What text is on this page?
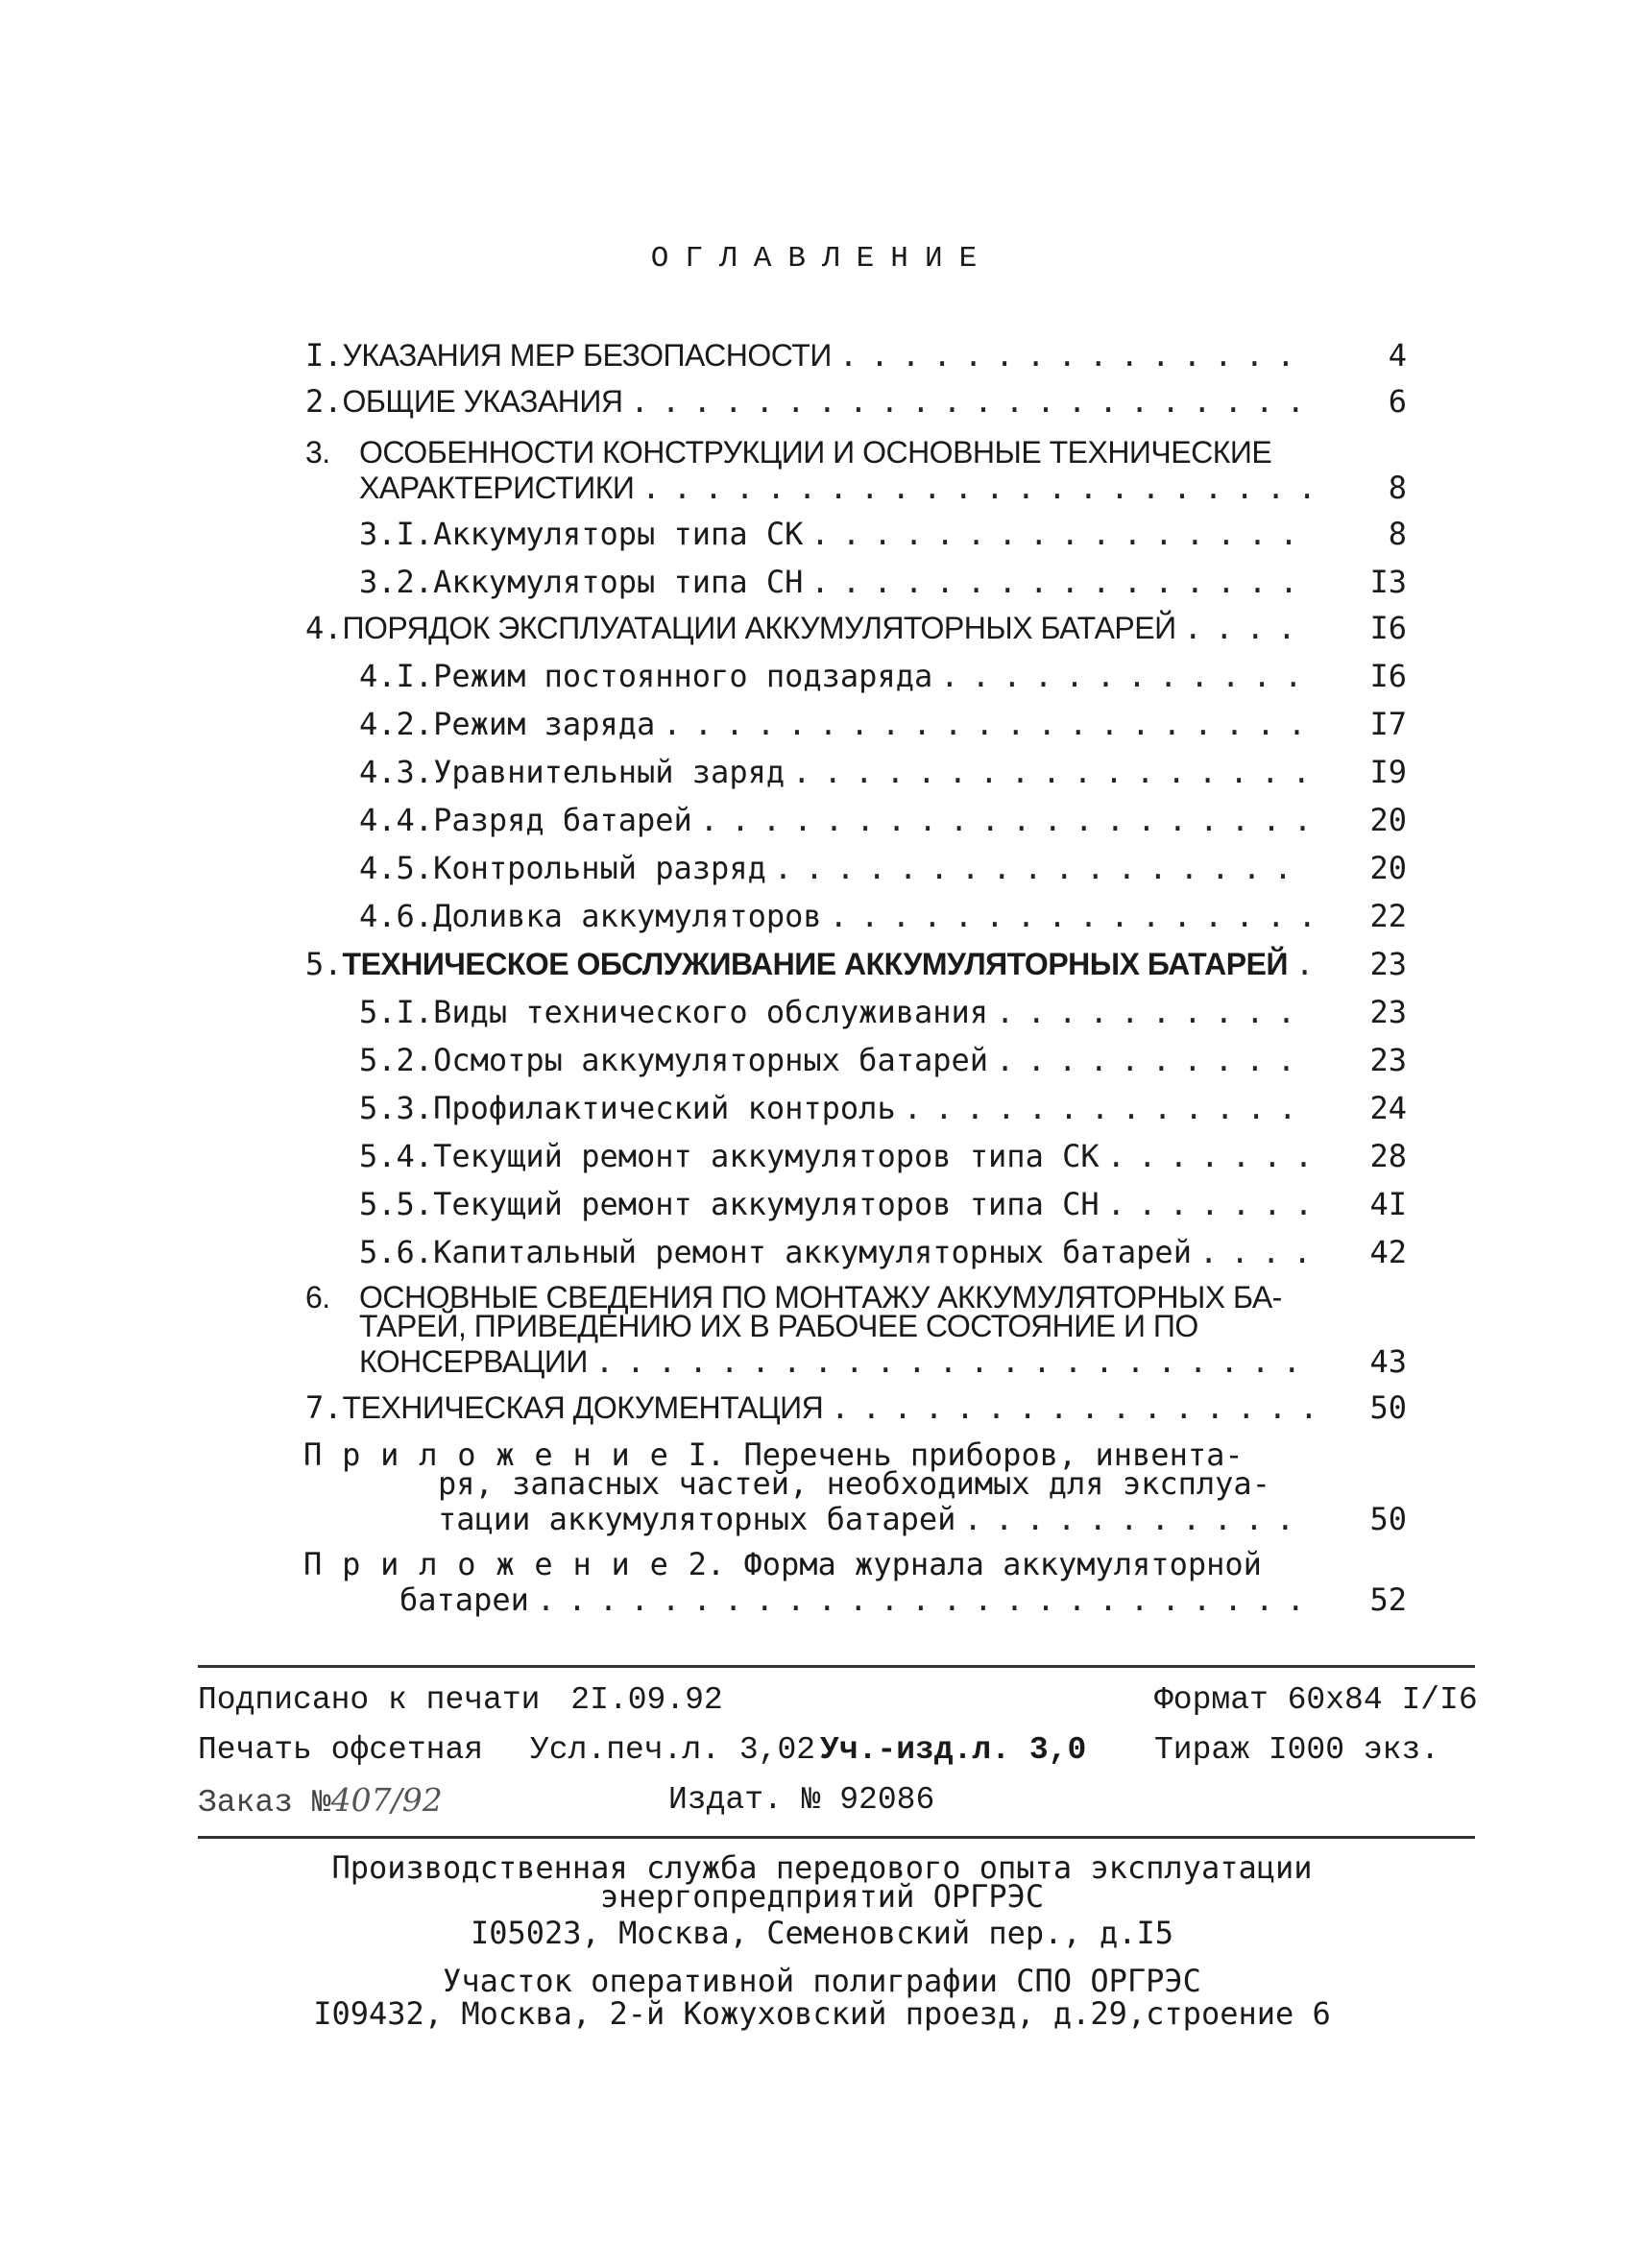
ОГЛАВЛЕНИЕ
I. УКАЗАНИЯ МЕР БЕЗОПАСНОСТИ . . .	4
2. ОБЩИЕ УКАЗАНИЯ . . .	6
3. ОСОБЕННОСТИ КОНСТРУКЦИИ И ОСНОВНЫЕ ТЕХНИЧЕСКИЕ
ХАРАКТЕРИСТИКИ . . .	8
3.I. Аккумуляторы типа СК . . .	8
3.2. Аккумуляторы типа СН . . .	I3
4. ПОРЯДОК ЭКСПЛУАТАЦИИ АККУМУЛЯТОРНЫХ БАТАРЕЙ . . .	I6
4.I. Режим постоянного подзаряда . . .	I6
4.2. Режим заряда . . .	I7
4.3. Уравнительный заряд . . .	I9
4.4. Разряд батарей . . .	20
4.5. Контрольный разряд . . .	20
4.6. Доливка аккумуляторов . . .	22
5. ТЕХНИЧЕСКОЕ ОБСЛУЖИВАНИЕ АККУМУЛЯТОРНЫХ БАТАРЕЙ . . .	23
5.I. Виды технического обслуживания . . .	23
5.2. Осмотры аккумуляторных батарей . . .	23
5.3. Профилактический контроль . . .	24
5.4. Текущий ремонт аккумуляторов типа СК . . .	28
5.5. Текущий ремонт аккумуляторов типа СН . . .	4I
5.6. Капитальный ремонт аккумуляторных батарей . . .	42
6. ОСНОВНЫЕ СВЕДЕНИЯ ПО МОНТАЖУ АККУМУЛЯТОРНЫХ БА-
ТАРЕЙ, ПРИВЕДЕНИЮ ИХ В РАБОЧЕЕ СОСТОЯНИЕ И ПО
КОНСЕРВАЦИИ . . .	43
7. ТЕХНИЧЕСКАЯ ДОКУМЕНТАЦИЯ . . .	50
ПриложениеI. Перечень приборов, инвента-
ря, запасных частей, необходимых для эксплуа-
тации аккумуляторных батарей . . .	50
Приложение2. Форма журнала аккумуляторной
батареи . . .	52
Подписано к печати 2I.09.92	Формат 60х84 I/I6
Печать офсетная Усл.печ.л. 3,02 Уч.-изд.л. 3,0 Тираж I000 экз.
Заказ №407/92	Издат. № 92086
Производственная служба передового опыта эксплуатации
энергопредприятий ОРГРЭС
I05023, Москва, Семеновский пер., д.I5
Участок оперативной полиграфии СПО ОРГРЭС
I09432, Москва, 2-й Кожуховский проезд, д.29,строение 6
